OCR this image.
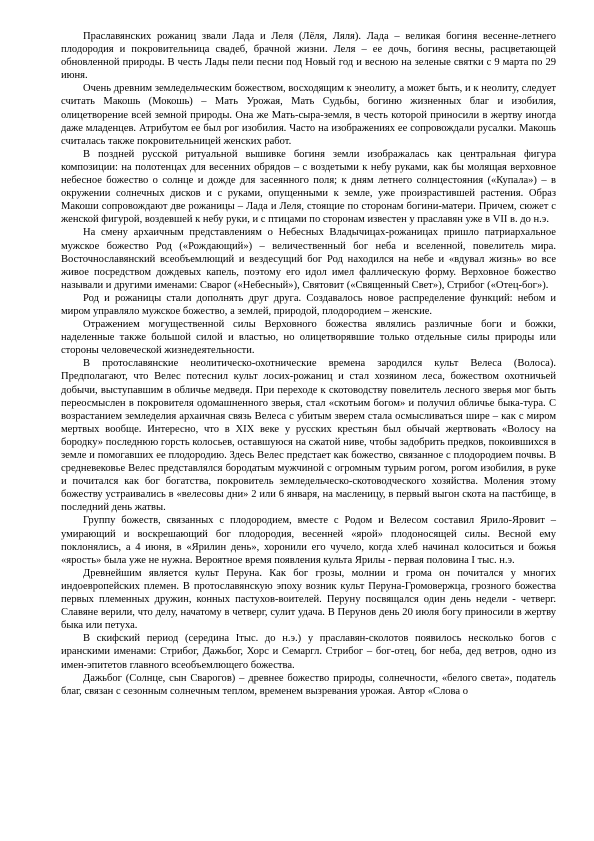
Праславянских рожаниц звали Лада и Леля (Лёля, Ляля). Лада – великая богиня весенне-летнего плодородия и покровительница свадеб, брачной жизни. Леля – ее дочь, богиня весны, расцветающей обновленной природы. В честь Лады пели песни под Новый год и весною на зеленые святки с 9 марта по 29 июня.

Очень древним земледельческим божеством, восходящим к энеолиту, а может быть, и к неолиту, следует считать Макошь (Мокошь) – Мать Урожая, Мать Судьбы, богиню жизненных благ и изобилия, олицетворение всей земной природы. Она же Мать-сыра-земля, в честь которой приносили в жертву иногда даже младенцев. Атрибутом ее был рог изобилия. Часто на изображениях ее сопровождали русалки. Макошь считалась также покровительницей женских работ.

В поздней русской ритуальной вышивке богиня земли изображалась как центральная фигура композиции: на полотенцах для весенних обрядов – с воздетыми к небу руками, как бы молящая верховное небесное божество о солнце и дожде для засеянного поля; к дням летнего солнцестояния («Купала») – в окружении солнечных дисков и с руками, опущенными к земле, уже произрастившей растения. Образ Макоши сопровождают две рожаницы – Лада и Леля, стоящие по сторонам богини-матери. Причем, сюжет с женской фигурой, воздевшей к небу руки, и с птицами по сторонам известен у праславян уже в VII в. до н.э.

На смену архаичным представлениям о Небесных Владычицах-рожаницах пришло патриархальное мужское божество Род («Рождающий») – величественный бог неба и вселенной, повелитель мира. Восточнославянский всеобъемлющий и вездесущий бог Род находился на небе и «вдувал жизнь» во все живое посредством дождевых капель, поэтому его идол имел фаллическую форму. Верховное божество называли и другими именами: Сварог («Небесный»), Святовит («Священный Свет»), Стрибог («Отец-бог»).

Род и рожаницы стали дополнять друг друга. Создавалось новое распределение функций: небом и миром управляло мужское божество, а землей, природой, плодородием – женские.

Отражением могущественной силы Верховного божества являлись различные боги и божки, наделенные также большой силой и властью, но олицетворявшие только отдельные силы природы или стороны человеческой жизнедеятельности.

В протославянские неолитическо-охотнические времена зародился культ Велеса (Волоса). Предполагают, что Велес потеснил культ лосих-рожаниц и стал хозяином леса, божеством охотничьей добычи, выступавшим в обличье медведя. При переходе к скотоводству повелитель лесного зверья мог быть переосмыслен в покровителя одомашненного зверья, стал «скотьим богом» и получил обличье быка-тура. С возрастанием земледелия архаичная связь Велеса с убитым зверем стала осмысливаться шире – как с миром мертвых вообще. Интересно, что в XIX веке у русских крестьян был обычай жертвовать «Волосу на бородку» последнюю горсть колосьев, оставшуюся на сжатой ниве, чтобы задобрить предков, покоившихся в земле и помогавших ее плодородию. Здесь Велес предстает как божество, связанное с плодородием почвы. В средневековье Велес представлялся бородатым мужчиной с огромным турьим рогом, рогом изобилия, в руке и почитался как бог богатства, покровитель земледельческо-скотоводческого хозяйства. Моления этому божеству устраивались в «велесовы дни» 2 или 6 января, на масленицу, в первый выгон скота на пастбище, в последний день жатвы.

Группу божеств, связанных с плодородием, вместе с Родом и Велесом составил Ярило-Яровит – умирающий и воскрешающий бог плодородия, весенней «ярой» плодоносящей силы. Весной ему поклонялись, а 4 июня, в «Ярилин день», хоронили его чучело, когда хлеб начинал колоситься и божья «ярость» была уже не нужна. Вероятное время появления культа Ярилы - первая половина I тыс. н.э.

Древнейшим является культ Перуна. Как бог грозы, молнии и грома он почитался у многих индоевропейских племен. В протославянскую эпоху возник культ Перуна-Громовержца, грозного божества первых племенных дружин, конных пастухов-воителей. Перуну посвящался один день недели - четверг. Славяне верили, что делу, начатому в четверг, сулит удача. В Перунов день 20 июля богу приносили в жертву быка или петуха.

В скифский период (середина Iтыс. до н.э.) у праславян-сколотов появилось несколько богов с иранскими именами: Стрибог, Дажьбог, Хорс и Семаргл. Стрибог – бог-отец, бог неба, дед ветров, одно из имен-эпитетов главного всеобъемлющего божества.

Дажьбог (Солнце, сын Сварогов) – древнее божество природы, солнечности, «белого света», податель благ, связан с сезонным солнечным теплом, временем вызревания урожая. Автор «Слова о
